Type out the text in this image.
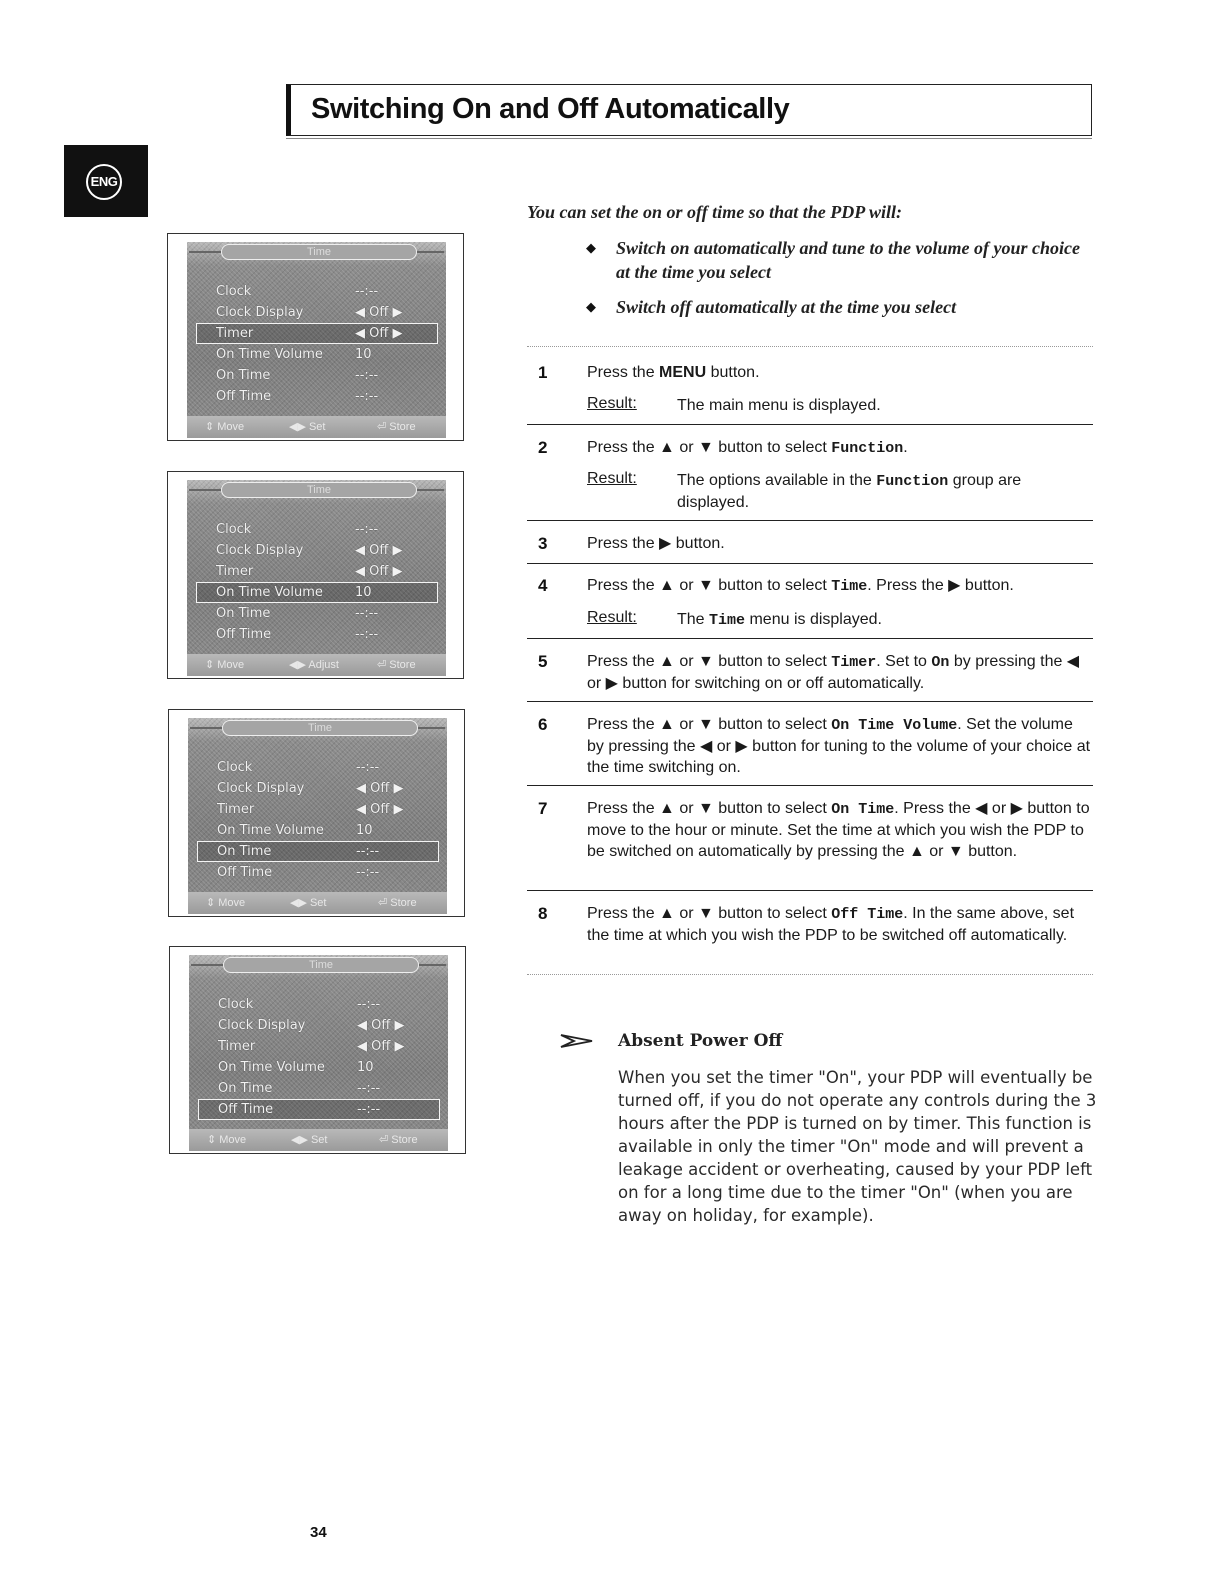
Switching On and Off Automatically
ENG
Time
Clock	--:--
Clock Display	◀ Off ▶
Timer	◀ Off ▶
On Time Volume 10
On Time	--:--
Off Time	--:--
⇕ Move	◀▶ Set	⏎ Store
Time
Clock	--:--
Clock Display	◀ Off ▶
Timer	◀ Off ▶
On Time Volume 10
On Time	--:--
Off Time	--:--
⇕ Move	◀▶ Adjust	⏎ Store
Time
Clock	--:--
Clock Display	◀ Off ▶
Timer	◀ Off ▶
On Time Volume 10
On Time	--:--
Off Time	--:--
⇕ Move	◀▶ Set	⏎ Store
Time
Clock	--:--
Clock Display	◀ Off ▶
Timer	◀ Off ▶
On Time Volume 10
On Time	--:--
Off Time	--:--
⇕ Move	◀▶ Set	⏎ Store
You can set the on or off time so that the PDP will:
◆ Switch on automatically and tune to the volume of your choice at the time you select
◆ Switch off automatically at the time you select
1 Press the MENU button.
Result:	The main menu is displayed.
2 Press the ▲ or ▼ button to select Function.
Result:	The options available in the Function group are displayed.
3 Press the ▶ button.
4 Press the ▲ or ▼ button to select Time. Press the ▶ button.
Result:	The Time menu is displayed.
5 Press the ▲ or ▼ button to select Timer. Set to On by pressing the ◀ or ▶ button for switching on or off automatically.
6 Press the ▲ or ▼ button to select On Time Volume. Set the volume by pressing the ◀ or ▶ button for tuning to the volume of your choice at the time switching on.
7 Press the ▲ or ▼ button to select On Time. Press the ◀ or ▶ button to move to the hour or minute. Set the time at which you wish the PDP to be switched on automatically by pressing the ▲ or ▼ button.
8 Press the ▲ or ▼ button to select Off Time. In the same above, set the time at which you wish the PDP to be switched off automatically.
Absent Power Off
When you set the timer "On", your PDP will eventually be turned off, if you do not operate any controls during the 3 hours after the PDP is turned on by timer. This function is available in only the timer "On" mode and will prevent a leakage accident or overheating, caused by your PDP left on for a long time due to the timer "On" (when you are away on holiday, for example).
34
